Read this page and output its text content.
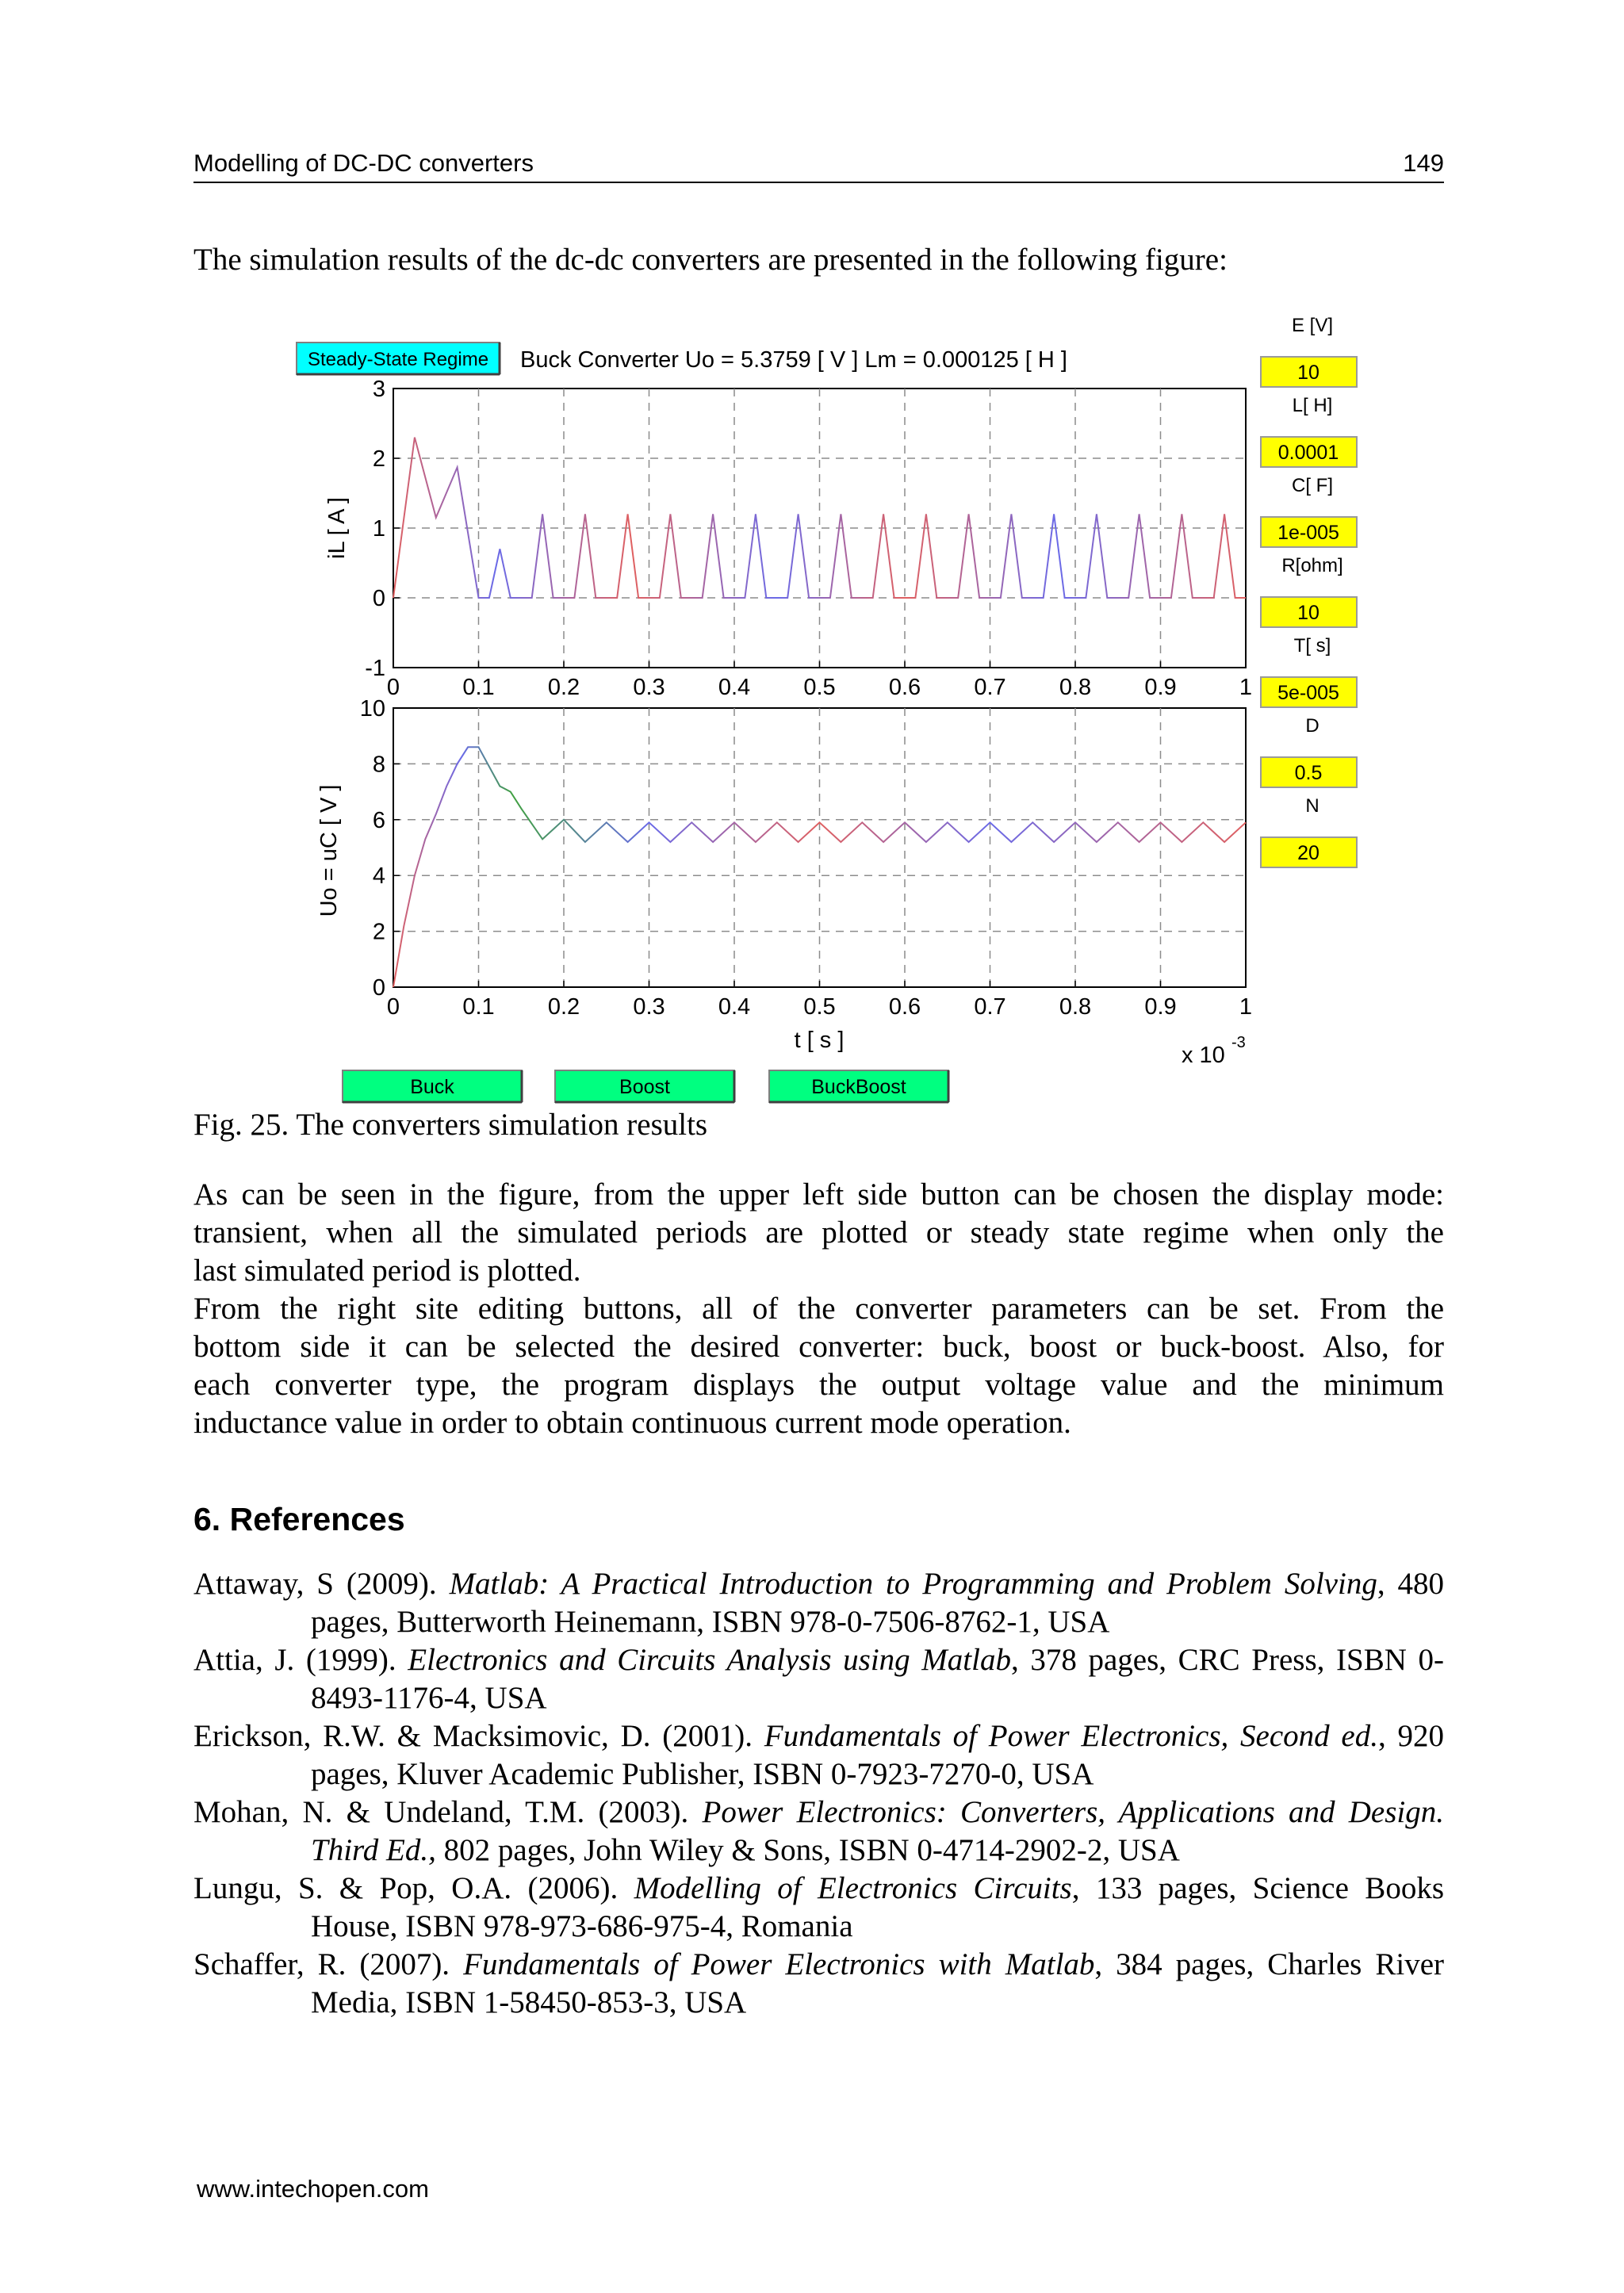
Modelling of DC-DC converters	149
The simulation results of the dc-dc converters are presented in the following figure:
0	0.1 0.2 0.3 0.4 0.5 0.6 0.7 0.8 0.9	1
-1
0
1
2
3
iL [ A ]
0	0.1 0.2 0.3 0.4 0.5 0.6 0.7 0.8 0.9	1
0
2
4
6
8
10
Uo = uC [ V ]
t [ s ]
x 10 -3
Buck Converter Uo = 5.3759 [ V ] Lm = 0.000125 [ H ]
Steady-State Regime
E [V]
10
L[ H]
0.0001
C[ F]
1e-005
R[ohm]
10
T[ s]
5e-005
D
0.5
N
20
Buck	Boost	BuckBoost
Fig. 25. The converters simulation results
As can be seen in the figure, from the upper left side button can be chosen the display mode:
transient, when all the simulated periods are plotted or steady state regime when only the
last simulated period is plotted.
From the right site editing buttons, all of the converter parameters can be set. From the
bottom side it can be selected the desired converter: buck, boost or buck-boost. Also, for
each converter type, the program displays the output voltage value and the minimum
inductance value in order to obtain continuous current mode operation.
6. References
Attaway, S (2009). Matlab: A Practical Introduction to Programming and Problem Solving, 480
pages, Butterworth Heinemann, ISBN 978-0-7506-8762-1, USA
Attia, J. (1999). Electronics and Circuits Analysis using Matlab, 378 pages, CRC Press, ISBN 0-
8493-1176-4, USA
Erickson, R.W. & Macksimovic, D. (2001). Fundamentals of Power Electronics, Second ed., 920
pages, Kluver Academic Publisher, ISBN 0-7923-7270-0, USA
Mohan, N. & Undeland, T.M. (2003). Power Electronics: Converters, Applications and Design.
Third Ed., 802 pages, John Wiley & Sons, ISBN 0-4714-2902-2, USA
Lungu, S. & Pop, O.A. (2006). Modelling of Electronics Circuits, 133 pages, Science Books
House, ISBN 978-973-686-975-4, Romania
Schaffer, R. (2007). Fundamentals of Power Electronics with Matlab, 384 pages, Charles River
Media, ISBN 1-58450-853-3, USA
www.intechopen.com
